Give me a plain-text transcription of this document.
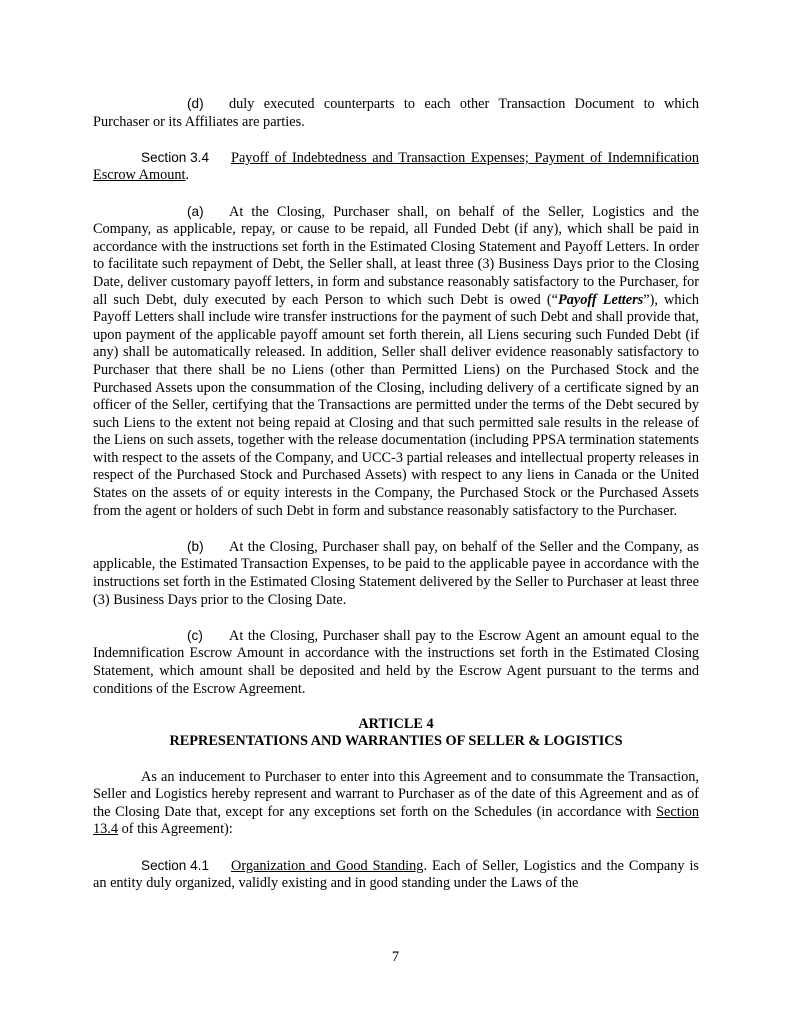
(d) duly executed counterparts to each other Transaction Document to which Purchaser or its Affiliates are parties.

Section 3.4 Payoff of Indebtedness and Transaction Expenses; Payment of Indemnification Escrow Amount.

(a) At the Closing, Purchaser shall, on behalf of the Seller, Logistics and the Company, as applicable, repay, or cause to be repaid, all Funded Debt (if any), which shall be paid in accordance with the instructions set forth in the Estimated Closing Statement and Payoff Letters. In order to facilitate such repayment of Debt, the Seller shall, at least three (3) Business Days prior to the Closing Date, deliver customary payoff letters, in form and substance reasonably satisfactory to the Purchaser, for all such Debt, duly executed by each Person to which such Debt is owed (“Payoff Letters”), which Payoff Letters shall include wire transfer instructions for the payment of such Debt and shall provide that, upon payment of the applicable payoff amount set forth therein, all Liens securing such Funded Debt (if any) shall be automatically released. In addition, Seller shall deliver evidence reasonably satisfactory to Purchaser that there shall be no Liens (other than Permitted Liens) on the Purchased Stock and the Purchased Assets upon the consummation of the Closing, including delivery of a certificate signed by an officer of the Seller, certifying that the Transactions are permitted under the terms of the Debt secured by such Liens to the extent not being repaid at Closing and that such permitted sale results in the release of the Liens on such assets, together with the release documentation (including PPSA termination statements with respect to the assets of the Company, and UCC-3 partial releases and intellectual property releases in respect of the Purchased Stock and Purchased Assets) with respect to any liens in Canada or the United States on the assets of or equity interests in the Company, the Purchased Stock or the Purchased Assets from the agent or holders of such Debt in form and substance reasonably satisfactory to the Purchaser.

(b) At the Closing, Purchaser shall pay, on behalf of the Seller and the Company, as applicable, the Estimated Transaction Expenses, to be paid to the applicable payee in accordance with the instructions set forth in the Estimated Closing Statement delivered by the Seller to Purchaser at least three (3) Business Days prior to the Closing Date.

(c) At the Closing, Purchaser shall pay to the Escrow Agent an amount equal to the Indemnification Escrow Amount in accordance with the instructions set forth in the Estimated Closing Statement, which amount shall be deposited and held by the Escrow Agent pursuant to the terms and conditions of the Escrow Agreement.

ARTICLE 4

REPRESENTATIONS AND WARRANTIES OF SELLER & LOGISTICS

As an inducement to Purchaser to enter into this Agreement and to consummate the Transaction, Seller and Logistics hereby represent and warrant to Purchaser as of the date of this Agreement and as of the Closing Date that, except for any exceptions set forth on the Schedules (in accordance with Section 13.4 of this Agreement):

Section 4.1 Organization and Good Standing. Each of Seller, Logistics and the Company is an entity duly organized, validly existing and in good standing under the Laws of the

7
